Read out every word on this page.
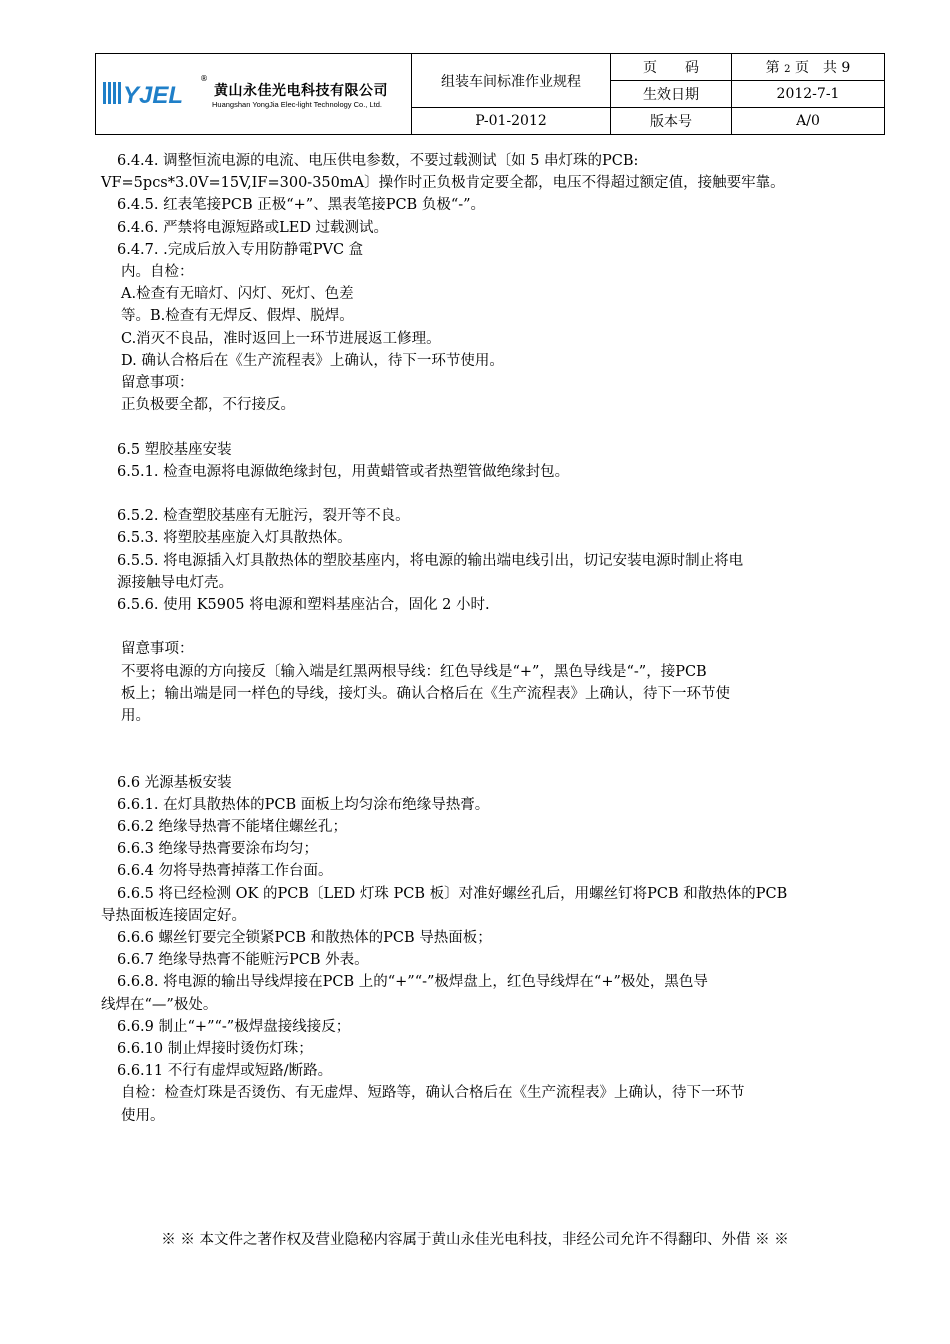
YJEL
®
黄山永佳光电科技有限公司
Huangshan YongJia Elec-light Technology Co., Ltd.	组装车间标准作业规程	页　　码	第 2 页　共 9
		生效日期	2012-7-1
	P-01-2012	版本号	A/0

6.4.4. 调整恒流电源的电流、电压供电参数，不要过载测试〔如 5 串灯珠的PCB:

VF=5pcs*3.0V=15V,IF=300-350mA〕操作时正负极肯定要全都，电压不得超过额定值，接触要牢靠。

6.4.5. 红表笔接PCB 正极“+”、黑表笔接PCB 负极“-”。

6.4.6. 严禁将电源短路或LED 过载测试。

6.4.7. .完成后放入专用防静電PVC 盒

内。自检：

A.检查有无暗灯、闪灯、死灯、色差

等。B.检查有无焊反、假焊、脱焊。

C.消灭不良品，准时返回上一环节进展返工修理。

D. 确认合格后在《生产流程表》上确认，待下一环节使用。

留意事项：

正负极要全都，不行接反。

6.5 塑胶基座安装

6.5.1. 检查电源将电源做绝缘封包，用黄蜡管或者热塑管做绝缘封包。

6.5.2. 检查塑胶基座有无脏污，裂开等不良。

6.5.3. 将塑胶基座旋入灯具散热体。

6.5.5. 将电源插入灯具散热体的塑胶基座内，将电源的输出端电线引出，切记安装电源时制止将电

源接触导电灯壳。

6.5.6. 使用 K5905 将电源和塑料基座沾合，固化 2 小时.

留意事项：

不要将电源的方向接反〔输入端是红黑两根导线：红色导线是“+”，黑色导线是“-”，接PCB

板上；输出端是同一样色的导线，接灯头。确认合格后在《生产流程表》上确认，待下一环节使

用。

6.6 光源基板安装

6.6.1. 在灯具散热体的PCB 面板上均匀涂布绝缘导热膏。

6.6.2 绝缘导热膏不能堵住螺丝孔；

6.6.3 绝缘导热膏要涂布均匀；

6.6.4 勿将导热膏掉落工作台面。

6.6.5 将已经检测 OK 的PCB〔LED 灯珠 PCB 板〕对准好螺丝孔后，用螺丝钉将PCB 和散热体的PCB

导热面板连接固定好。

6.6.6 螺丝钉要完全锁紧PCB 和散热体的PCB 导热面板；

6.6.7 绝缘导热膏不能赃污PCB 外表。

6.6.8. 将电源的输出导线焊接在PCB 上的“+”“-”极焊盘上，红色导线焊在“+”极处，黑色导

线焊在“—”极处。

6.6.9 制止“+”“-”极焊盘接线接反；

6.6.10 制止焊接时烫伤灯珠；

6.6.11 不行有虚焊或短路/断路。

自检：检查灯珠是否烫伤、有无虚焊、短路等，确认合格后在《生产流程表》上确认，待下一环节

使用。

※ ※ 本文件之著作权及营业隐秘内容属于黄山永佳光电科技，非经公司允许不得翻印、外借 ※ ※
